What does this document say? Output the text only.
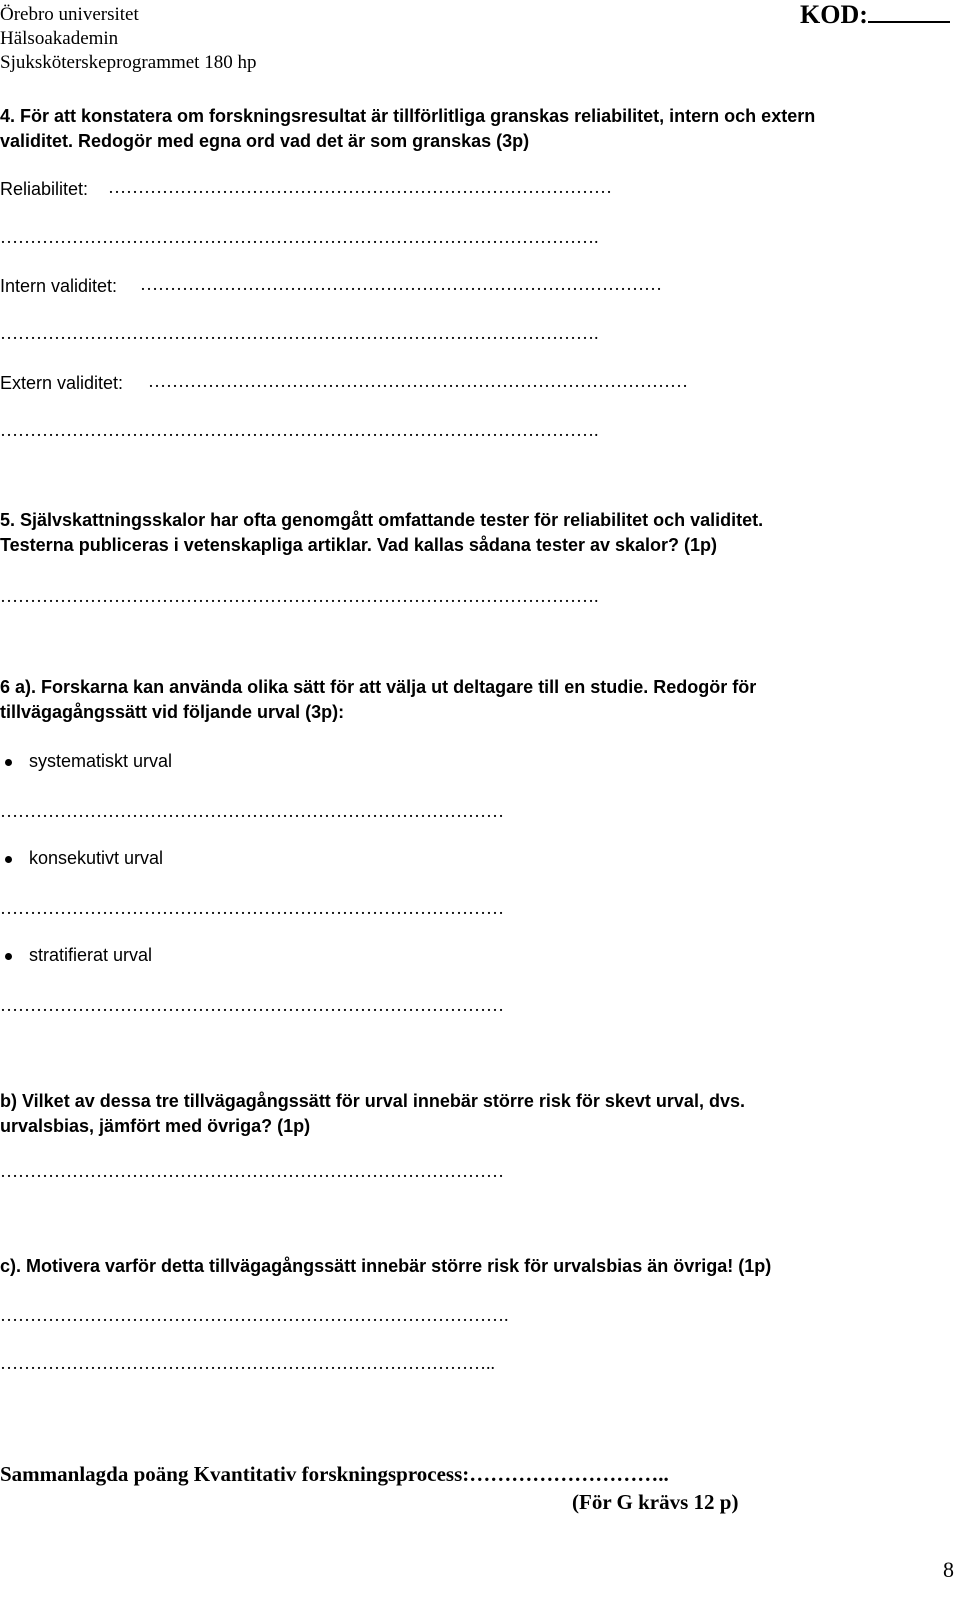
Örebro universitet
Hälsoakademin
Sjuksköterskeprogrammet 180 hp
KOD:
4. För att konstatera om forskningsresultat är tillförlitliga granskas reliabilitet, intern och extern
validitet. Redogör med egna ord vad det är som granskas (3p)
Reliabilitet: …………………………………………………………………………
……………………………………………………………………………………….
Intern validitet: ……………………………………………………………………………
……………………………………………………………………………………….
Extern validitet: ………………………………………………………………………………
……………………………………………………………………………………….
5. Självskattningsskalor har ofta genomgått omfattande tester för reliabilitet och validitet.
Testerna publiceras i vetenskapliga artiklar. Vad kallas sådana tester av skalor? (1p)
……………………………………………………………………………………….
6 a). Forskarna kan använda olika sätt för att välja ut deltagare till en studie. Redogör för
tillvägagångssätt vid följande urval (3p):
systematiskt urval
…………………………………………………………………………
konsekutivt urval
…………………………………………………………………………
stratifierat urval
…………………………………………………………………………
b) Vilket av dessa tre tillvägagångssätt för urval innebär större risk för skevt urval, dvs.
urvalsbias, jämfört med övriga? (1p)
…………………………………………………………………………
c). Motivera varför detta tillvägagångssätt innebär större risk för urvalsbias än övriga! (1p)
………………………………………………………………………….
………………………………………………………………………..
Sammanlagda poäng Kvantitativ forskningsprocess:………………………..
(För G krävs 12 p)
8
